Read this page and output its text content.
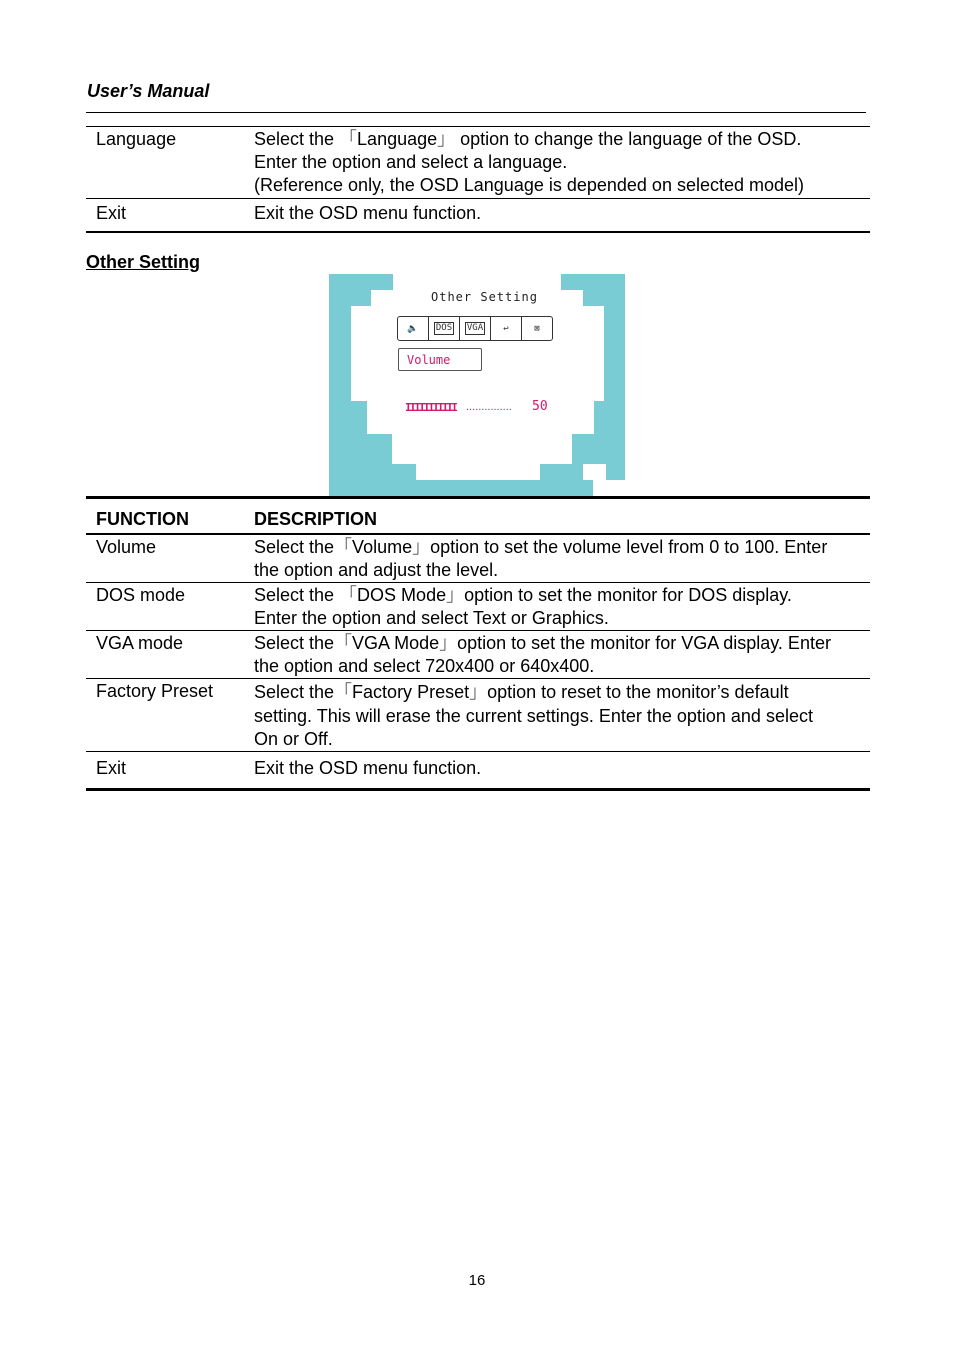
User’s Manual
Language	Select the 「Language」 option to change the language of the OSD.
Enter the option and select a language.
(Reference only, the OSD Language is depended on selected model)

Exit	Exit the OSD menu function.
Other Setting
Other Setting
🔈	DOS VGA	↩	⊠
Volume
IIIIIIIIIII ............... 50
FUNCTION	DESCRIPTION
Volume	Select the「Volume」option to set the volume level from 0 to 100. Enter
the option and adjust the level.

DOS mode	Select the 「DOS Mode」option to set the monitor for DOS display.
Enter the option and select Text or Graphics.

VGA mode	Select the「VGA Mode」option to set the monitor for VGA display. Enter
the option and select 720x400 or 640x400.

Factory Preset	Select the「Factory Preset」option to reset to the monitor’s default
setting. This will erase the current settings. Enter the option and select
On or Off.

Exit	Exit the OSD menu function.
16
